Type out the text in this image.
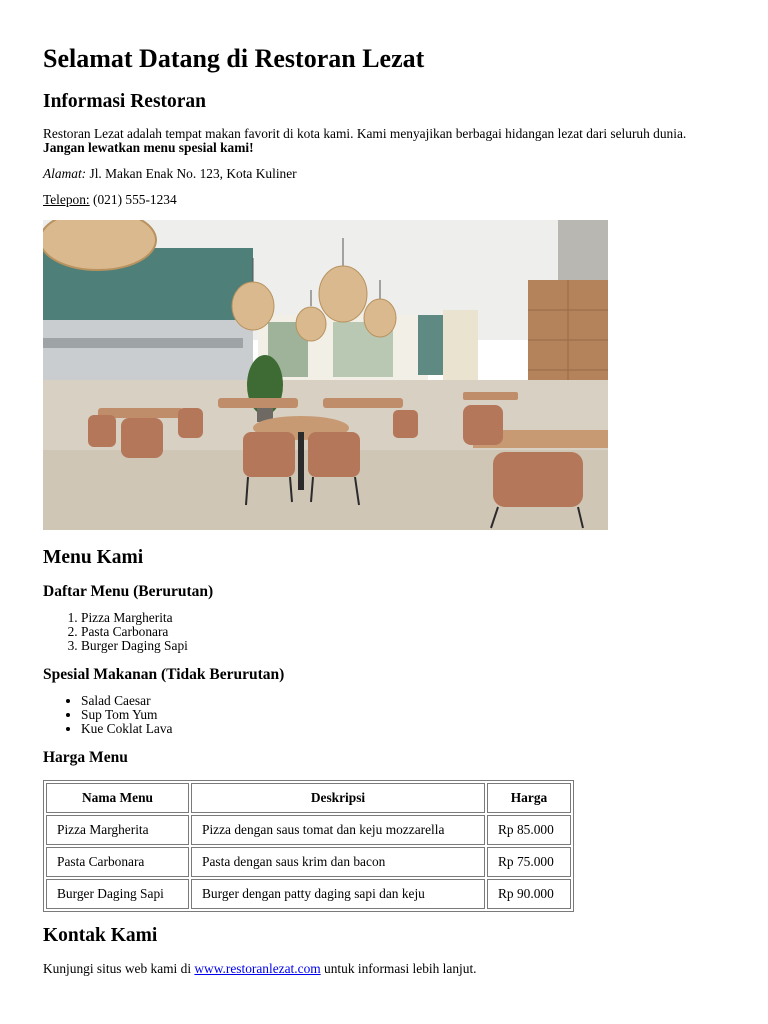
Selamat Datang di Restoran Lezat
Informasi Restoran

Restoran Lezat adalah tempat makan favorit di kota kami. Kami menyajikan berbagai hidangan lezat dari seluruh dunia. Jangan lewatkan menu spesial kami!

Alamat: Jl. Makan Enak No. 123, Kota Kuliner

Telepon: (021) 555-1234

Menu Kami
Daftar Menu (Berurutan)
1. Pizza Margherita
2. Pasta Carbonara
3. Burger Daging Sapi
Spesial Makanan (Tidak Berurutan)
• Salad Caesar
• Sup Tom Yum
• Kue Coklat Lava
Harga Menu
Nama Menu	Deskripsi	Harga
Pizza Margherita	Pizza dengan saus tomat dan keju mozzarella	Rp 85.000
Pasta Carbonara	Pasta dengan saus krim dan bacon	Rp 75.000
Burger Daging Sapi	Burger dengan patty daging sapi dan keju	Rp 90.000
Kontak Kami

Kunjungi situs web kami di www.restoranlezat.com untuk informasi lebih lanjut.
